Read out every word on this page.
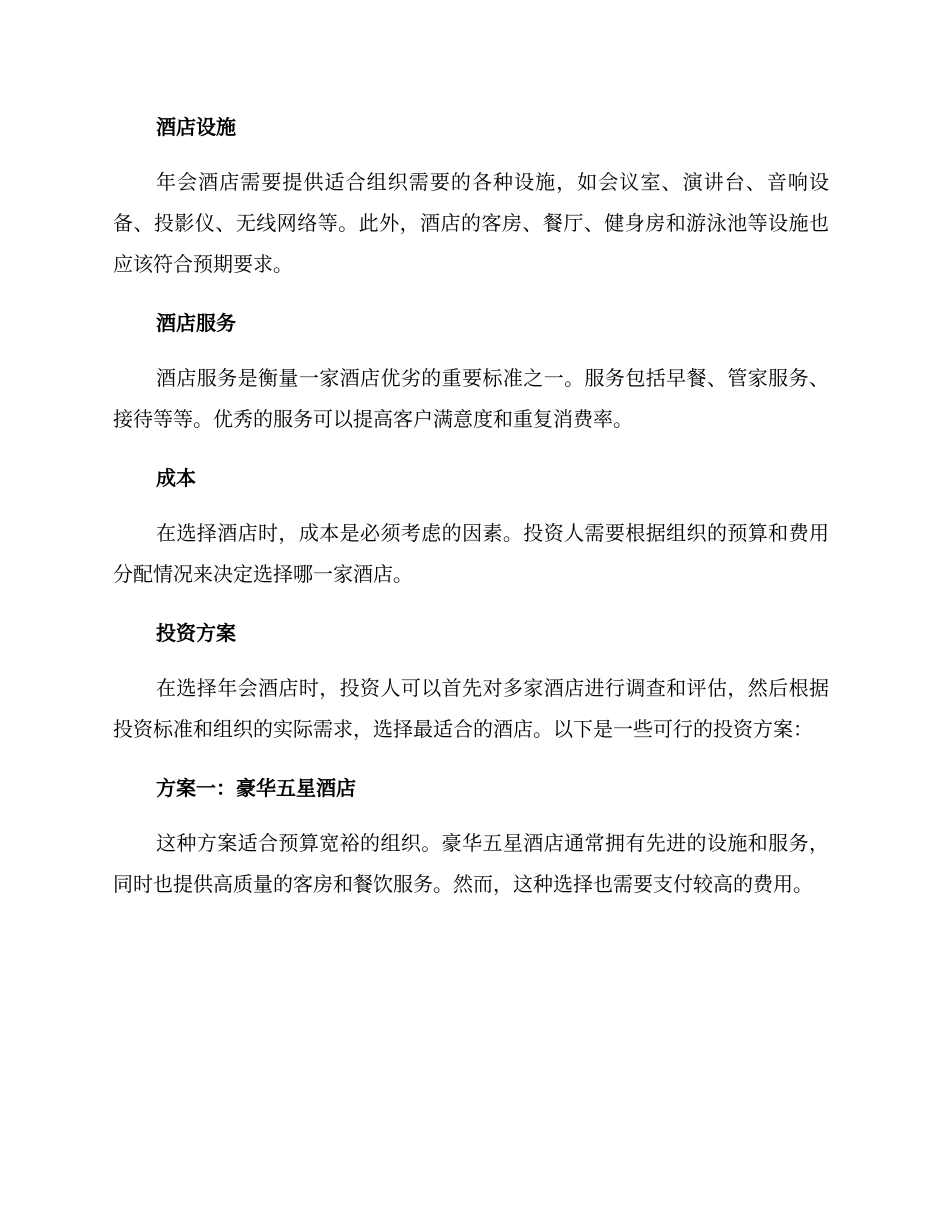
酒店设施

年会酒店需要提供适合组织需要的各种设施，如会议室、演讲台、音响设备、投影仪、无线网络等。此外，酒店的客房、餐厅、健身房和游泳池等设施也应该符合预期要求。

酒店服务

酒店服务是衡量一家酒店优劣的重要标准之一。服务包括早餐、管家服务、接待等等。优秀的服务可以提高客户满意度和重复消费率。

成本

在选择酒店时，成本是必须考虑的因素。投资人需要根据组织的预算和费用分配情况来决定选择哪一家酒店。

投资方案

在选择年会酒店时，投资人可以首先对多家酒店进行调查和评估，然后根据投资标准和组织的实际需求，选择最适合的酒店。以下是一些可行的投资方案：

方案一：豪华五星酒店

这种方案适合预算宽裕的组织。豪华五星酒店通常拥有先进的设施和服务，同时也提供高质量的客房和餐饮服务。然而，这种选择也需要支付较高的费用。
